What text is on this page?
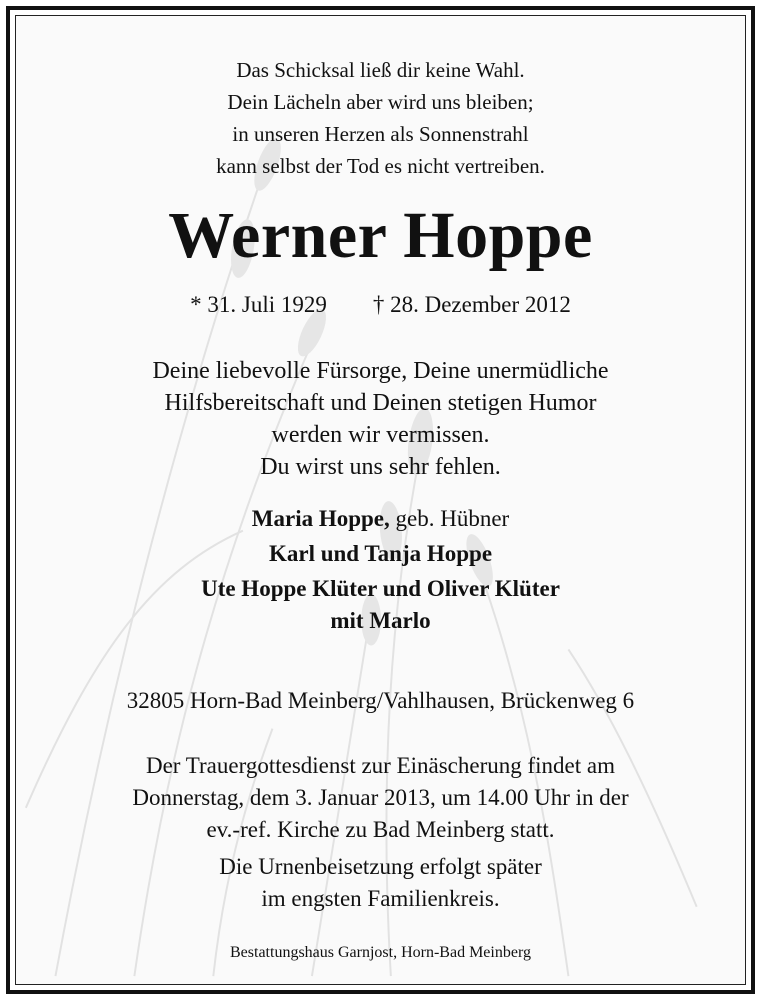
Das Schicksal ließ dir keine Wahl.
Dein Lächeln aber wird uns bleiben;
in unseren Herzen als Sonnenstrahl
kann selbst der Tod es nicht vertreiben.
Werner Hoppe
* 31. Juli 1929 † 28. Dezember 2012
Deine liebevolle Fürsorge, Deine unermüdliche
Hilfsbereitschaft und Deinen stetigen Humor
werden wir vermissen.
Du wirst uns sehr fehlen.
Maria Hoppe, geb. Hübner
Karl und Tanja Hoppe
Ute Hoppe Klüter und Oliver Klüter
mit Marlo
32805 Horn-Bad Meinberg/Vahlhausen, Brückenweg 6
Der Trauergottesdienst zur Einäscherung findet am
Donnerstag, dem 3. Januar 2013, um 14.00 Uhr in der
ev.-ref. Kirche zu Bad Meinberg statt.
Die Urnenbeisetzung erfolgt später
im engsten Familienkreis.
Bestattungshaus Garnjost, Horn-Bad Meinberg
